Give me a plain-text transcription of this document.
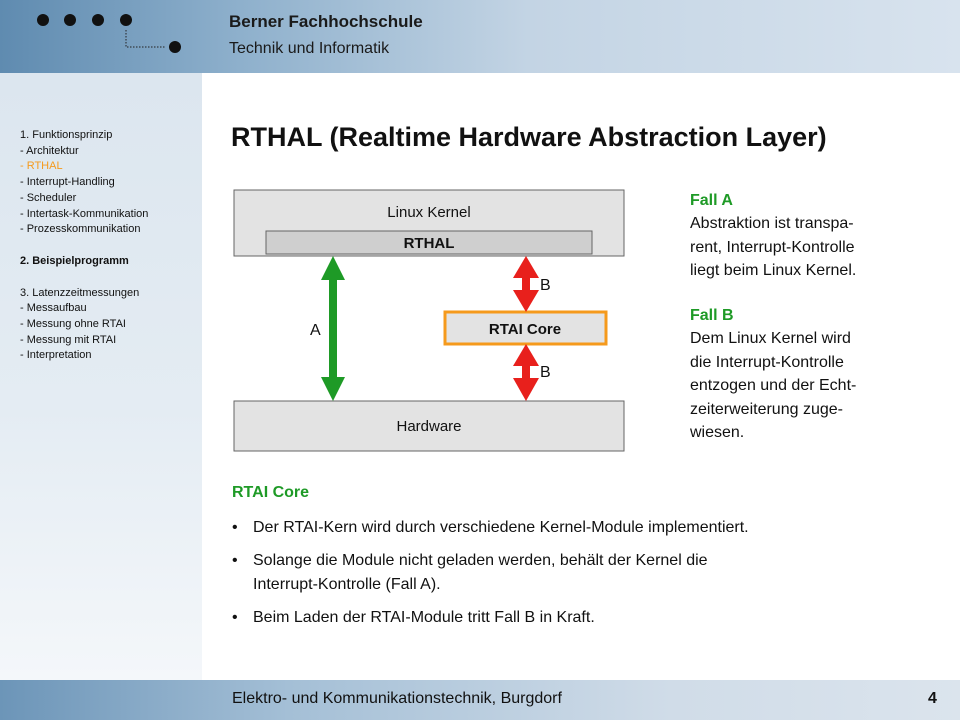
Berner Fachhochschule
Technik und Informatik
1. Funktionsprinzip
- Architektur
- RTHAL
- Interrupt-Handling
- Scheduler
- Intertask-Kommunikation
- Prozesskommunikation
2. Beispielprogramm
3. Latenzzeitmessungen
- Messaufbau
- Messung ohne RTAI
- Messung mit RTAI
- Interpretation
RTHAL (Realtime Hardware Abstraction Layer)
Linux Kernel
RTHAL
Hardware
RTAI Core
A
B
B
Fall A
Abstraktion ist transpa-
rent, Interrupt-Kontrolle
liegt beim Linux Kernel.
Fall B
Dem Linux Kernel wird
die Interrupt-Kontrolle
entzogen und der Echt-
zeiterweiterung zuge-
wiesen.
RTAI Core
• Der RTAI-Kern wird durch verschiedene Kernel-Module implementiert.
• Solange die Module nicht geladen werden, behält der Kernel die
Interrupt-Kontrolle (Fall A).
• Beim Laden der RTAI-Module tritt Fall B in Kraft.
Elektro- und Kommunikationstechnik, Burgdorf	4
